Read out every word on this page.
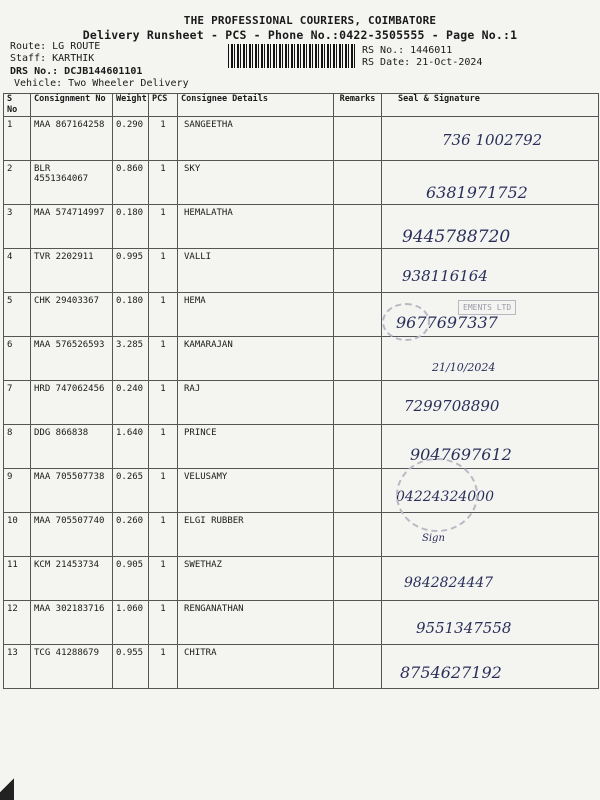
THE PROFESSIONAL COURIERS, COIMBATORE
Delivery Runsheet - PCS - Phone No.:0422-3505555 - Page No.:1
Route: LG ROUTE
Staff: KARTHIK
DRS No.: DCJB144601101
Vehicle: Two Wheeler Delivery
RS No.: 1446011
RS Date: 21-Oct-2024
S No	Consignment No	Weight	PCS	Consignee Details	Remarks	Seal & Signature
1	MAA 867164258	0.290	1	SANGEETHA		736 1002792

2	BLR 4551364067	0.860	1	SKY		6381971752

3	MAA 574714997	0.180	1	HEMALATHA		9445788720

4	TVR 2202911	0.995	1	VALLI		938116164

5	CHK 29403367	0.180	1	HEMA		9677697337

6	MAA 576526593	3.285	1	KAMARAJAN		21/10/2024

7	HRD 747062456	0.240	1	RAJ		7299708890

8	DDG 866838	1.640	1	PRINCE		9047697612

9	MAA 705507738	0.265	1	VELUSAMY		04224324000

10	MAA 705507740	0.260	1	ELGI RUBBER		Sign

11	KCM 21453734	0.905	1	SWETHAZ		9842824447

12	MAA 302183716	1.060	1	RENGANATHAN		9551347558

13	TCG 41288679	0.955	1	CHITRA		8754627192
EMENTS LTD
